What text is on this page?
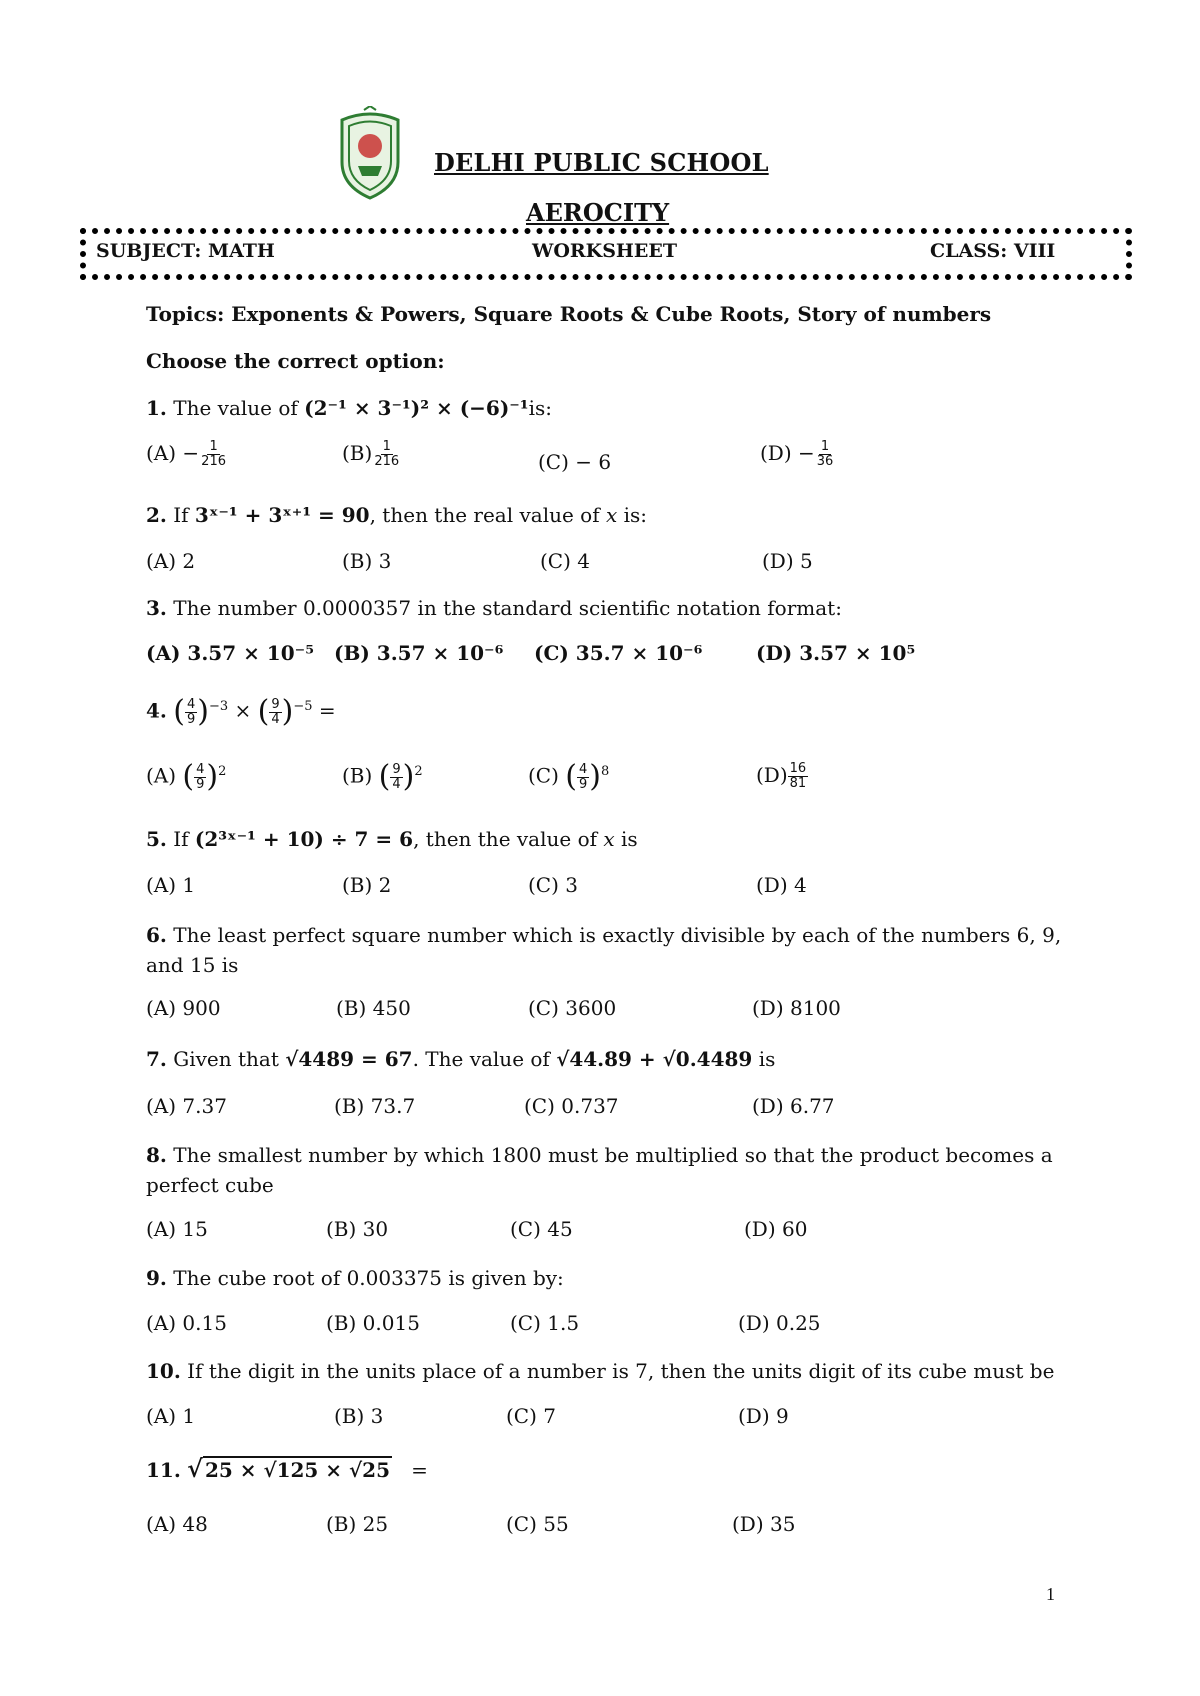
DELHI PUBLIC SCHOOL
AEROCITY
SUBJECT: MATH	WORKSHEET	CLASS: VIII
Topics: Exponents & Powers, Square Roots & Cube Roots, Story of numbers
Choose the correct option:
1. The value of (2⁻¹ × 3⁻¹)² × (−6)⁻¹is:
$(A) - \frac{1}{216}$	$(B) \frac{1}{216}$	(C) − 6	$(D) - \frac{1}{36}$
2. If 3ˣ⁻¹ + 3ˣ⁺¹ = 90, then the real value of 𝑥 is:
(A) 2	(B) 3	(C) 4	(D) 5
3. The number 0.0000357 in the standard scientific notation format:
(A) 3.57 × 10⁻⁵ (B) 3.57 × 10⁻⁶ (C) 35.7 × 10⁻⁶	(D) 3.57 × 10⁵
4. ( $\frac{4}{9} )^{-3}$ × ( $\frac{9}{4} )^{-5}$ =
(A) ( $\frac{4}{9} )^2$	(B) ( $\frac{9}{4} )^2$	(C) ( $\frac{4}{9} )^8$	$(D) \frac{16}{81}$
5. If (2³ˣ⁻¹ + 10) ÷ 7 = 6, then the value of 𝑥 is
(A) 1	(B) 2	(C) 3	(D) 4
6. The least perfect square number which is exactly divisible by each of the numbers 6, 9, and 15 is
(A) 900	(B) 450	(C) 3600	(D) 8100
7. Given that √4489 = 67. The value of √44.89 + √0.4489 is
(A) 7.37	(B) 73.7	(C) 0.737	(D) 6.77
8. The smallest number by which 1800 must be multiplied so that the product becomes a perfect cube
(A) 15	(B) 30	(C) 45	(D) 60
9. The cube root of 0.003375 is given by:
(A) 0.15	(B) 0.015	(C) 1.5	(D) 0.25
10. If the digit in the units place of a number is 7, then the units digit of its cube must be
(A) 1	(B) 3	(C) 7	(D) 9
11. √ 25 × √125 × √25 =
(A) 48	(B) 25	(C) 55	(D) 35
1
